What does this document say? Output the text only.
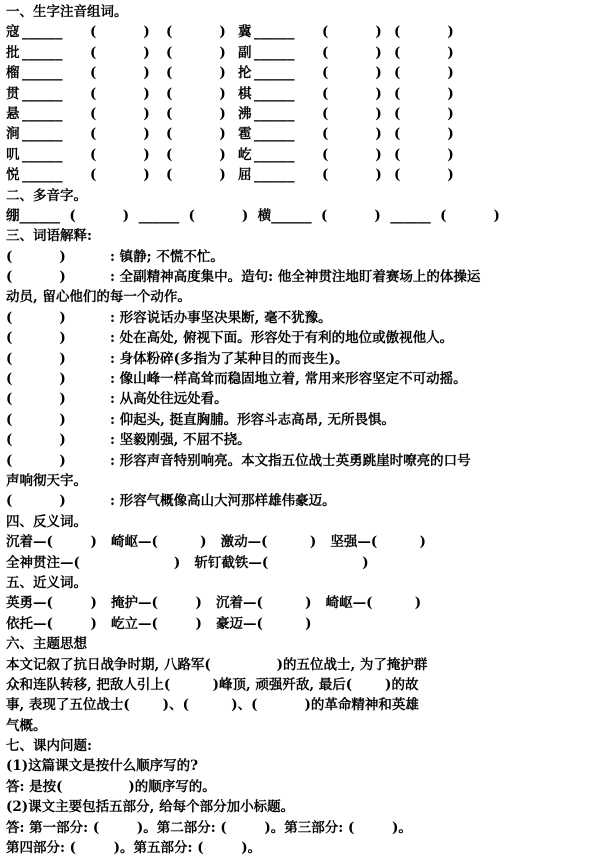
一、生字注音组词。
寇 ______	(          )	(          ) 冀 ______	(          ) (          )
批 ______	(          )	(          ) 副 ______	(          ) (          )
榴 ______	(          )	(          ) 抡 ______	(          ) (          )
贯 ______	(          )	(          ) 棋 ______	(          ) (          )
悬 ______	(          )	(          ) 沸 ______	(          ) (          )
涧 ______	(          )	(          ) 雹 ______	(          ) (          )
叽 ______	(          )	(          ) 屹 ______	(          ) (          )
悦 ______	(          )	(          ) 屈 ______	(          ) (          )
二、多音字。
绷______  (          )  ______  (          )  横______  (          )  ______  (          )
三、词语解释:
(          )	: 镇静; 不慌不忙。
(          )	: 全副精神高度集中。造句: 他全神贯注地盯着赛场上的体操运
动员, 留心他们的每一个动作。
(          )	: 形容说话办事坚决果断, 毫不犹豫。
(          )	: 处在高处, 俯视下面。形容处于有利的地位或傲视他人。
(          )	: 身体粉碎(多指为了某种目的而丧生)。
(          )	: 像山峰一样高耸而稳固地立着, 常用来形容坚定不可动摇。
(          )	: 从高处往远处看。
(          )	: 仰起头, 挺直胸脯。形容斗志高昂, 无所畏惧。
(          )	: 坚毅刚强, 不屈不挠。
(          )	: 形容声音特别响亮。本文指五位战士英勇跳崖时嘹亮的口号
声响彻天宇。
(          )	: 形容气概像高山大河那样雄伟豪迈。
四、反义词。
沉着—(        )   崎岖—(         )   激动—(         )   坚强—(         )
全神贯注—(                    )   斩钉截铁—(                    )
五、近义词。
英勇—(        )   掩护—(        )   沉着—(         )   崎岖—(         )
依托—(        )   屹立—(        )   豪迈—(         )
六、主题思想
本文记叙了抗日战争时期, 八路军(              )的五位战士, 为了掩护群
众和连队转移, 把敌人引上(         )峰顶, 顽强歼敌, 最后(       )的故
事, 表现了五位战士(       )、(         )、(          )的革命精神和英雄
气概。
七、课内问题:
(1)这篇课文是按什么顺序写的?
答: 是按(              )的顺序写的。
(2)课文主要包括五部分, 给每个部分加小标题。
答: 第一部分: (        )。第二部分: (        )。第三部分: (        )。
第四部分: (        )。第五部分: (        )。
